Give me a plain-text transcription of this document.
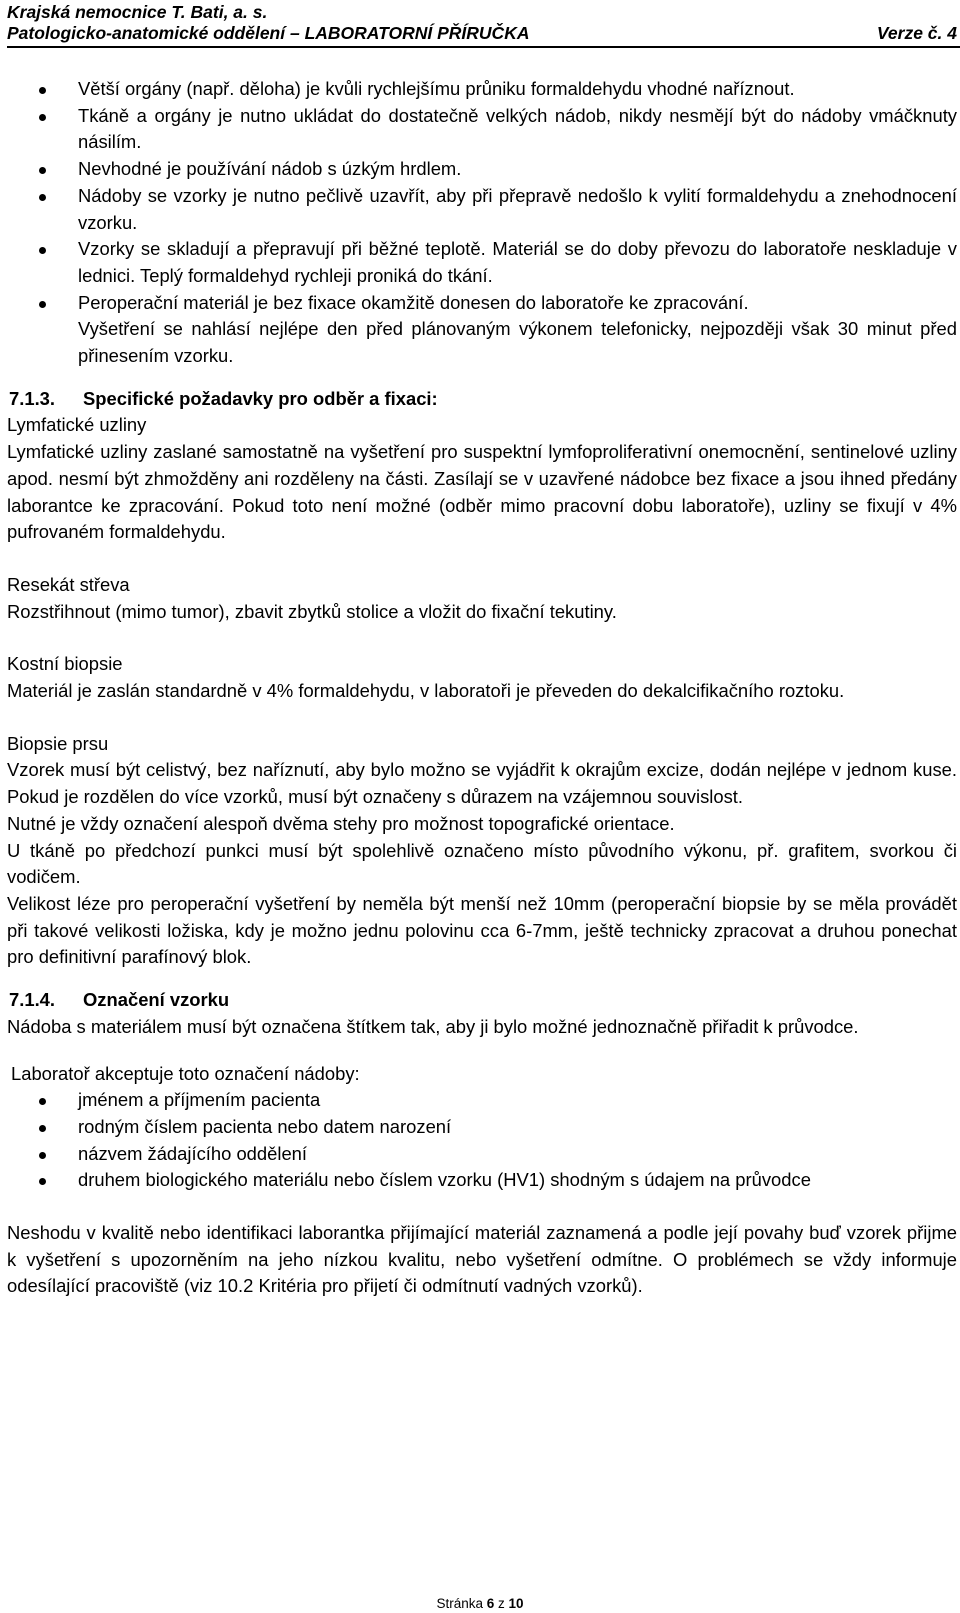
Krajská nemocnice T. Bati, a. s.
Patologicko-anatomické oddělení – LABORATORNÍ PŘÍRUČKA	Verze č. 4
Větší orgány (např. děloha) je kvůli rychlejšímu průniku formaldehydu vhodné naříznout.
Tkáně a orgány je nutno ukládat do dostatečně velkých nádob, nikdy nesmějí být do nádoby vmáčknuty násilím.
Nevhodné je používání nádob s úzkým hrdlem.
Nádoby se vzorky je nutno pečlivě uzavřít, aby při přepravě nedošlo k vylití formaldehydu a znehodnocení vzorku.
Vzorky se skladují a přepravují při běžné teplotě. Materiál se do doby převozu do laboratoře neskladuje v lednici. Teplý formaldehyd rychleji proniká do tkání.
Peroperační materiál je bez fixace okamžitě donesen do laboratoře ke zpracování.

Vyšetření se nahlásí nejlépe den před plánovaným výkonem telefonicky, nejpozději však 30 minut před přinesením vzorku.

7.1.3. Specifické požadavky pro odběr a fixaci:

Lymfatické uzliny

Lymfatické uzliny zaslané samostatně na vyšetření pro suspektní lymfoproliferativní onemocnění, sentinelové uzliny apod. nesmí být zhmožděny ani rozděleny na části. Zasílají se v uzavřené nádobce bez fixace a jsou ihned předány laborantce ke zpracování. Pokud toto není možné (odběr mimo pracovní dobu laboratoře), uzliny se fixují v 4% pufrovaném formaldehydu.

Resekát střeva

Rozstřihnout (mimo tumor), zbavit zbytků stolice a vložit do fixační tekutiny.

Kostní biopsie

Materiál je zaslán standardně v 4% formaldehydu, v laboratoři je převeden do dekalcifikačního roztoku.

Biopsie prsu

Vzorek musí být celistvý, bez naříznutí, aby bylo možno se vyjádřit k okrajům excize, dodán nejlépe v jednom kuse. Pokud je rozdělen do více vzorků, musí být označeny s důrazem na vzájemnou souvislost.

Nutné je vždy označení alespoň dvěma stehy pro možnost topografické orientace.

U tkáně po předchozí punkci musí být spolehlivě označeno místo původního výkonu, př. grafitem, svorkou či vodičem.

Velikost léze pro peroperační vyšetření by neměla být menší než 10mm (peroperační biopsie by se měla provádět při takové velikosti ložiska, kdy je možno jednu polovinu cca 6-7mm, ještě technicky zpracovat a druhou ponechat pro definitivní parafínový blok.

7.1.4. Označení vzorku

Nádoba s materiálem musí být označena štítkem tak, aby ji bylo možné jednoznačně přiřadit k průvodce.

Laboratoř akceptuje toto označení nádoby:

jménem a příjmením pacienta
rodným číslem pacienta nebo datem narození
názvem žádajícího oddělení
druhem biologického materiálu nebo číslem vzorku (HV1) shodným s údajem na průvodce

Neshodu v kvalitě nebo identifikaci laborantka přijímající materiál zaznamená a podle její povahy buď vzorek přijme k vyšetření s upozorněním na jeho nízkou kvalitu, nebo vyšetření odmítne. O problémech se vždy informuje odesílající pracoviště (viz 10.2 Kritéria pro přijetí či odmítnutí vadných vzorků).

Stránka 6 z 10
